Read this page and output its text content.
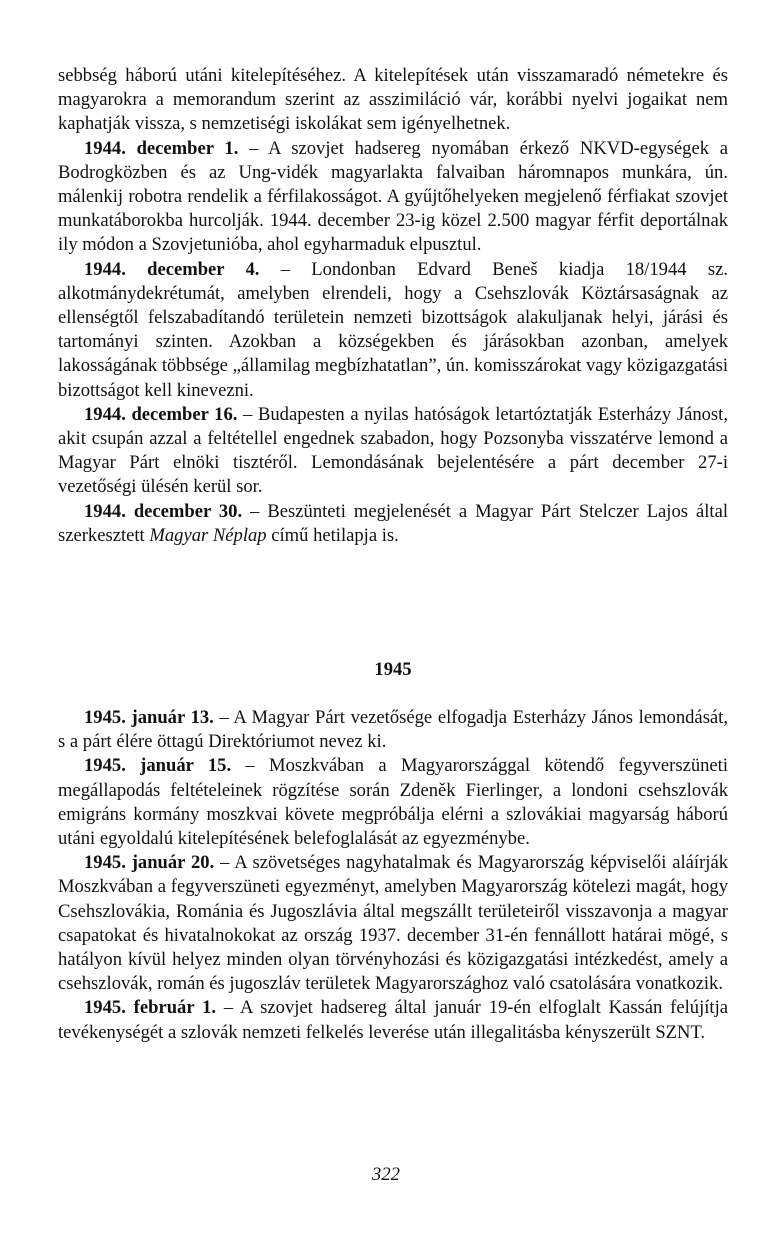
sebbség háború utáni kitelepítéséhez. A kitelepítések után visszamaradó németekre és magyarokra a memorandum szerint az asszimiláció vár, korábbi nyelvi jogaikat nem kaphatják vissza, s nemzetiségi iskolákat sem igényelhetnek.

1944. december 1. – A szovjet hadsereg nyomában érkező NKVD-egységek a Bodrogközben és az Ung-vidék magyarlakta falvaiban háromnapos munkára, ún. málenkij robotra rendelik a férfilakosságot. A gyűjtőhelyeken megjelenő férfiakat szovjet munkatáborokba hurcolják. 1944. december 23-ig közel 2.500 magyar férfit deportálnak ily módon a Szovjetunióba, ahol egyharmaduk elpusztul.

1944. december 4. – Londonban Edvard Beneš kiadja 18/1944 sz. alkotmánydekrétumát, amelyben elrendeli, hogy a Csehszlovák Köztársaságnak az ellenségtől felszabadítandó területein nemzeti bizottságok alakuljanak helyi, járási és tartományi szinten. Azokban a községekben és járásokban azonban, amelyek lakosságának többsége „államilag megbízhatatlan”, ún. komisszárokat vagy közigazgatási bizottságot kell kinevezni.

1944. december 16. – Budapesten a nyilas hatóságok letartóztatják Esterházy Jánost, akit csupán azzal a feltétellel engednek szabadon, hogy Pozsonyba visszatérve lemond a Magyar Párt elnöki tisztéről. Lemondásának bejelentésére a párt december 27-i vezetőségi ülésén kerül sor.

1944. december 30. – Beszünteti megjelenését a Magyar Párt Stelczer Lajos által szerkesztett Magyar Néplap című hetilapja is.

1945

1945. január 13. – A Magyar Párt vezetősége elfogadja Esterházy János lemondását, s a párt élére öttagú Direktóriumot nevez ki.

1945. január 15. – Moszkvában a Magyarországgal kötendő fegyverszüneti megállapodás feltételeinek rögzítése során Zdeněk Fierlinger, a londoni csehszlovák emigráns kormány moszkvai követe megpróbálja elérni a szlovákiai magyarság háború utáni egyoldalú kitelepítésének belefoglalását az egyezménybe.

1945. január 20. – A szövetséges nagyhatalmak és Magyarország képviselői aláírják Moszkvában a fegyverszüneti egyezményt, amelyben Magyarország kötelezi magát, hogy Csehszlovákia, Románia és Jugoszlávia által megszállt területeiről visszavonja a magyar csapatokat és hivatalnokokat az ország 1937. december 31-én fennállott határai mögé, s hatályon kívül helyez minden olyan törvényhozási és közigazgatási intézkedést, amely a csehszlovák, román és jugoszláv területek Magyarországhoz való csatolására vonatkozik.

1945. február 1. – A szovjet hadsereg által január 19-én elfoglalt Kassán felújítja tevékenységét a szlovák nemzeti felkelés leverése után illegalitásba kényszerült SZNT.

322
